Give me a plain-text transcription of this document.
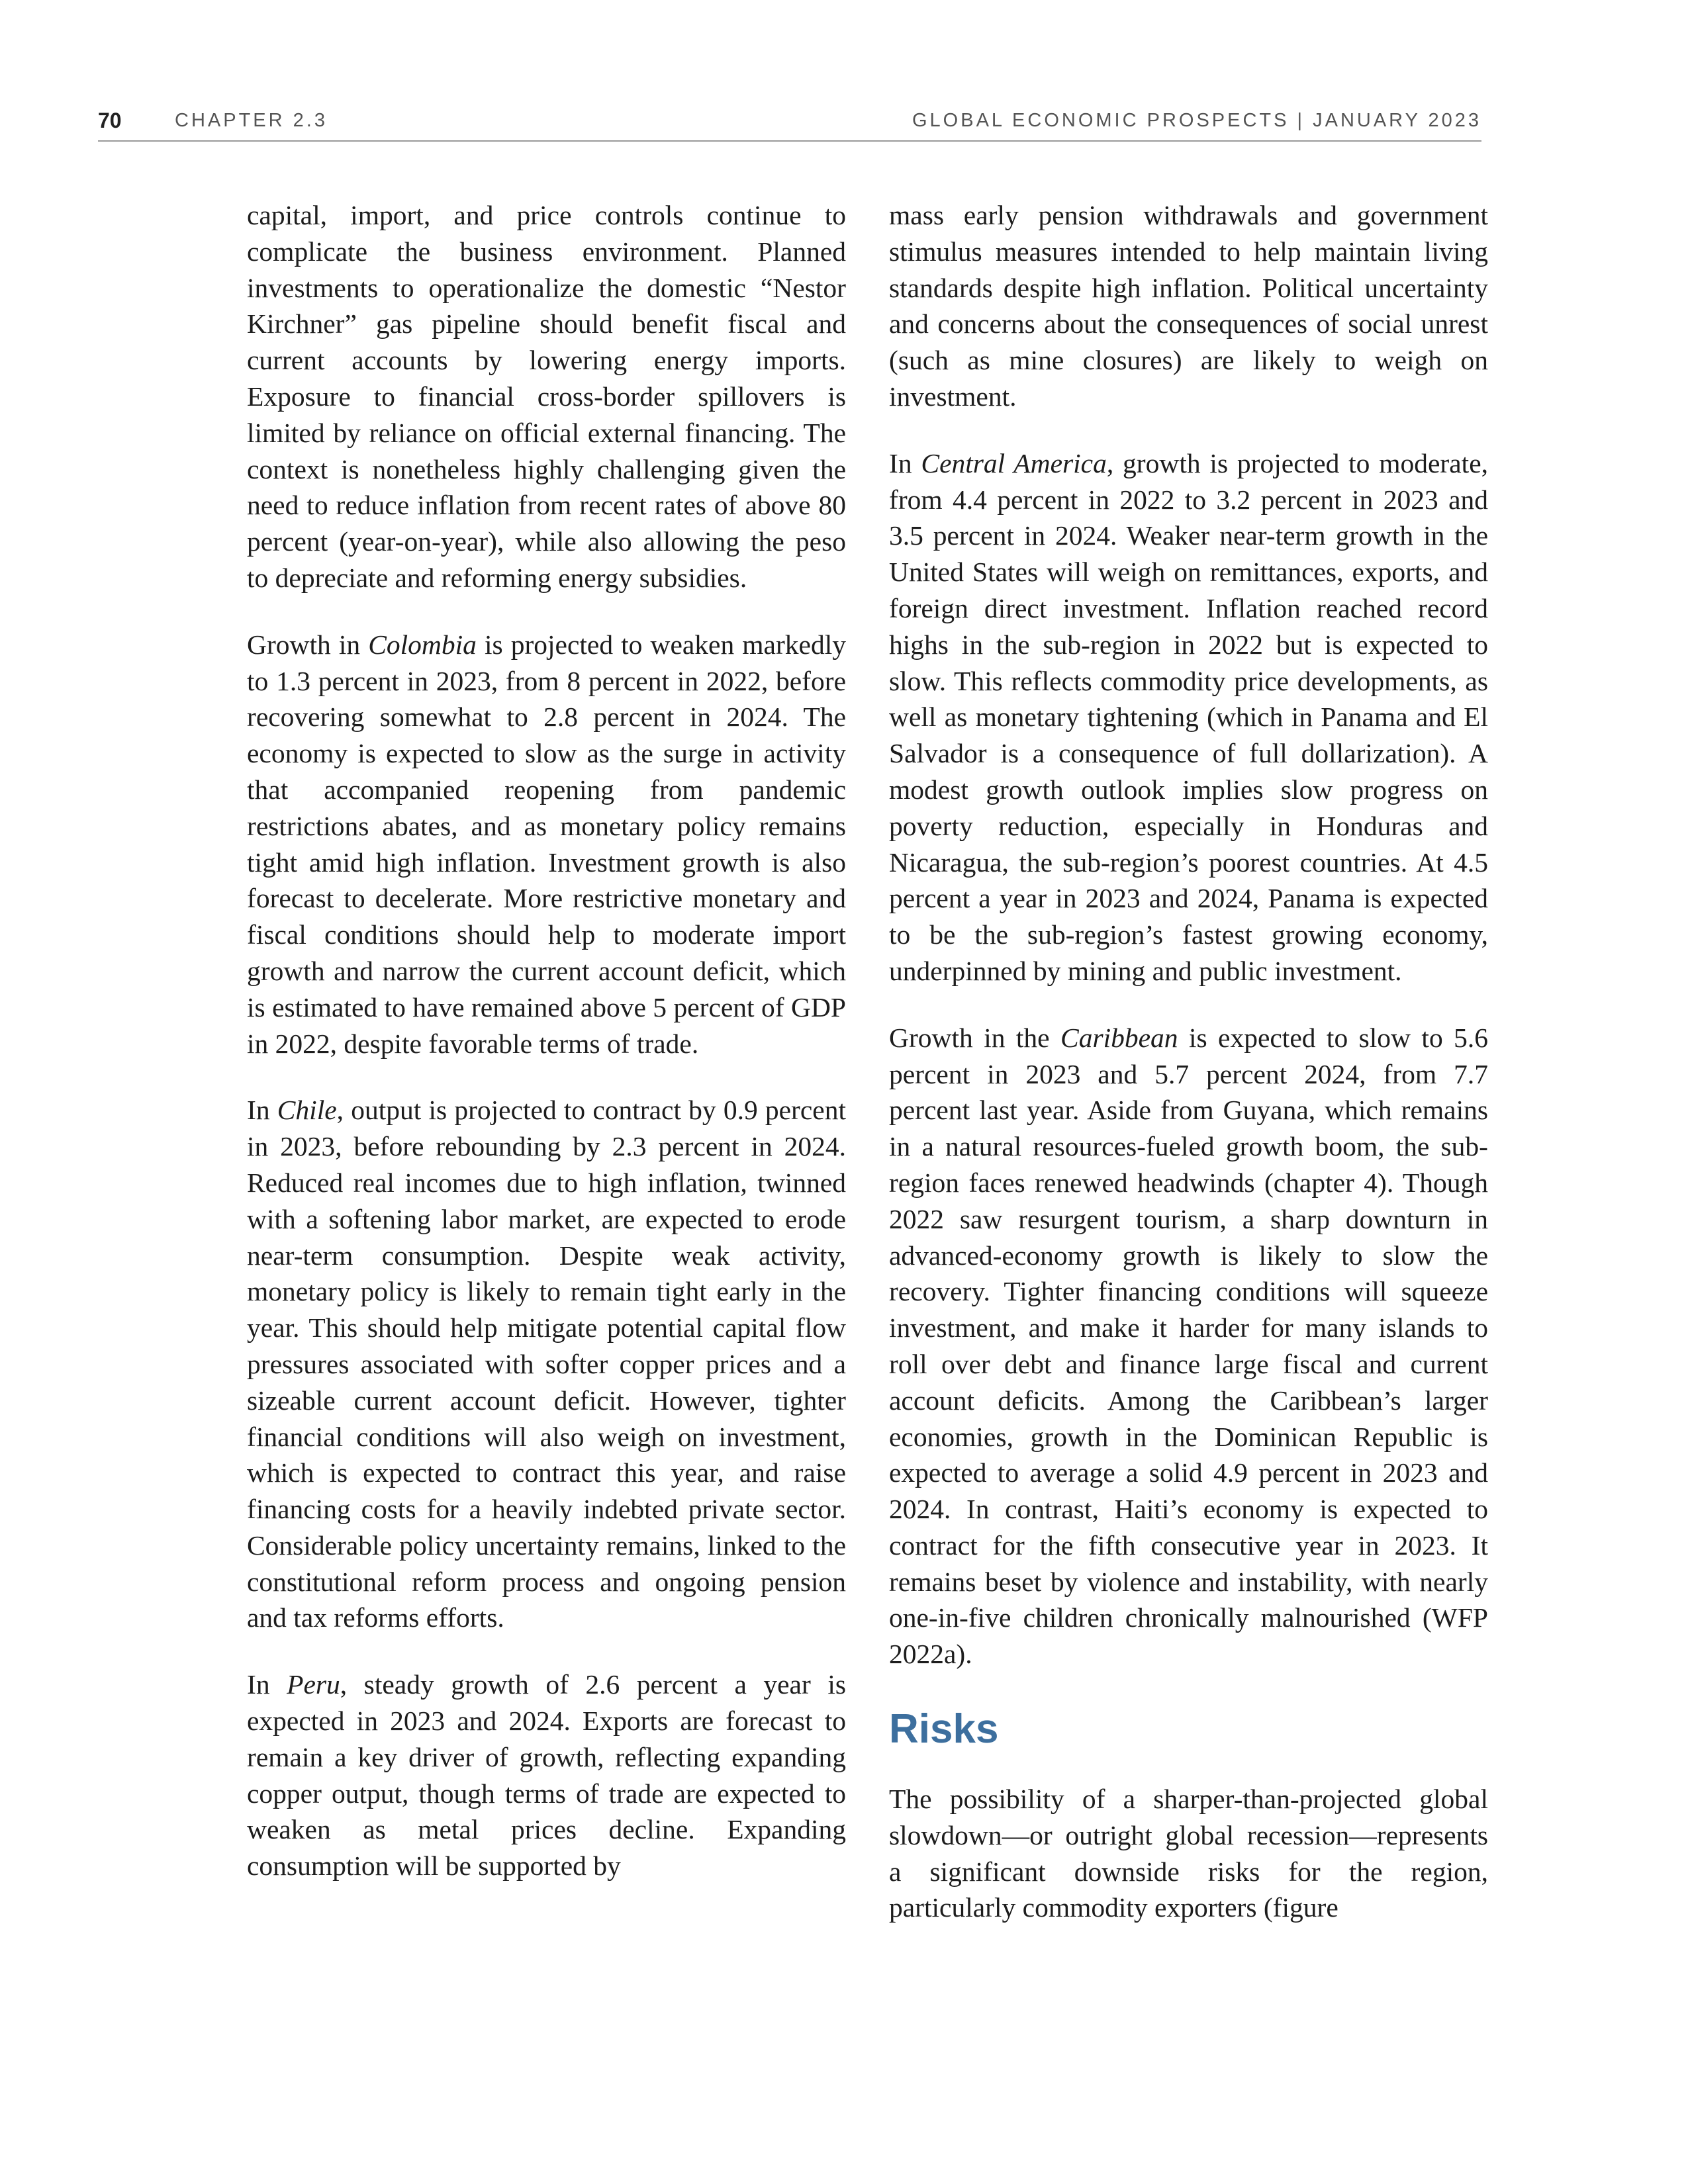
70	CHAPTER 2.3	GLOBAL ECONOMIC PROSPECTS | JANUARY 2023

capital, import, and price controls continue to complicate the business environment. Planned investments to operationalize the domestic “Nestor Kirchner” gas pipeline should benefit fiscal and current accounts by lowering energy imports. Exposure to financial cross-border spillovers is limited by reliance on official external financing. The context is nonetheless highly challenging given the need to reduce inflation from recent rates of above 80 percent (year-on-year), while also allowing the peso to depreciate and reforming energy subsidies.

Growth in Colombia is projected to weaken markedly to 1.3 percent in 2023, from 8 percent in 2022, before recovering somewhat to 2.8 percent in 2024. The economy is expected to slow as the surge in activity that accompanied reopening from pandemic restrictions abates, and as monetary policy remains tight amid high inflation. Investment growth is also forecast to decelerate. More restrictive monetary and fiscal conditions should help to moderate import growth and narrow the current account deficit, which is estimated to have remained above 5 percent of GDP in 2022, despite favorable terms of trade.

In Chile, output is projected to contract by 0.9 percent in 2023, before rebounding by 2.3 percent in 2024. Reduced real incomes due to high inflation, twinned with a softening labor market, are expected to erode near-term consumption. Despite weak activity, monetary policy is likely to remain tight early in the year. This should help mitigate potential capital flow pressures associated with softer copper prices and a sizeable current account deficit. However, tighter financial conditions will also weigh on investment, which is expected to contract this year, and raise financing costs for a heavily indebted private sector. Considerable policy uncertainty remains, linked to the constitutional reform process and ongoing pension and tax reforms efforts.

In Peru, steady growth of 2.6 percent a year is expected in 2023 and 2024. Exports are forecast to remain a key driver of growth, reflecting expanding copper output, though terms of trade are expected to weaken as metal prices decline. Expanding consumption will be supported by

mass early pension withdrawals and government stimulus measures intended to help maintain living standards despite high inflation. Political uncertainty and concerns about the consequences of social unrest (such as mine closures) are likely to weigh on investment.

In Central America, growth is projected to moderate, from 4.4 percent in 2022 to 3.2 percent in 2023 and 3.5 percent in 2024. Weaker near-term growth in the United States will weigh on remittances, exports, and foreign direct investment. Inflation reached record highs in the sub-region in 2022 but is expected to slow. This reflects commodity price developments, as well as monetary tightening (which in Panama and El Salvador is a consequence of full dollarization). A modest growth outlook implies slow progress on poverty reduction, especially in Honduras and Nicaragua, the sub-region’s poorest countries. At 4.5 percent a year in 2023 and 2024, Panama is expected to be the sub-region’s fastest growing economy, underpinned by mining and public investment.

Growth in the Caribbean is expected to slow to 5.6 percent in 2023 and 5.7 percent 2024, from 7.7 percent last year. Aside from Guyana, which remains in a natural resources-fueled growth boom, the sub-region faces renewed headwinds (chapter 4). Though 2022 saw resurgent tourism, a sharp downturn in advanced-economy growth is likely to slow the recovery. Tighter financing conditions will squeeze investment, and make it harder for many islands to roll over debt and finance large fiscal and current account deficits. Among the Caribbean’s larger economies, growth in the Dominican Republic is expected to average a solid 4.9 percent in 2023 and 2024. In contrast, Haiti’s economy is expected to contract for the fifth consecutive year in 2023. It remains beset by violence and instability, with nearly one-in-five children chronically malnourished (WFP 2022a).

Risks

The possibility of a sharper-than-projected global slowdown—or outright global recession—represents a significant downside risks for the region, particularly commodity exporters (figure
